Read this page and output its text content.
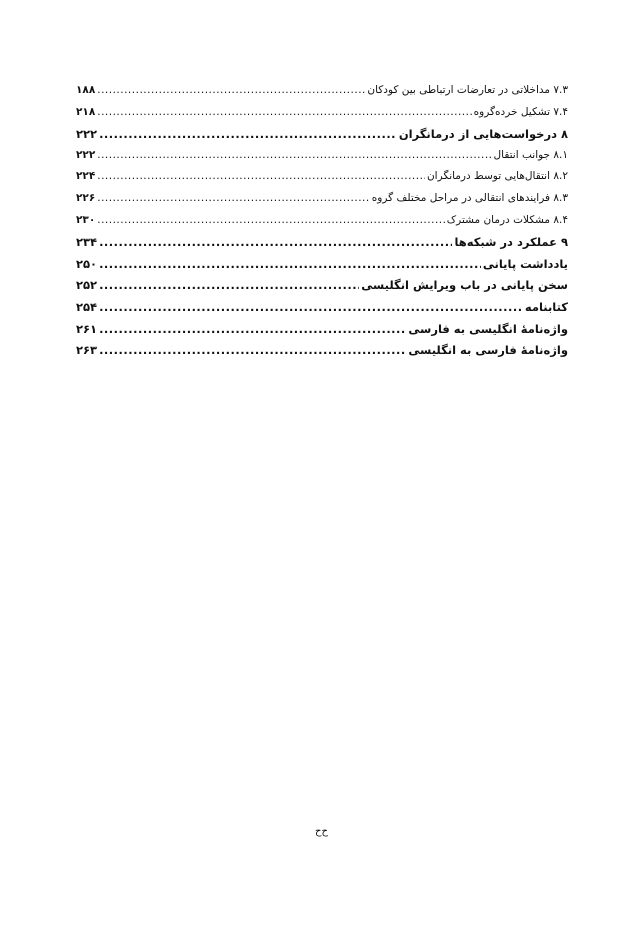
۷.۳ مداخلاتی در تعارضات ارتباطی بین کودکان
.....
۱۸۸
۷.۴ تشکیل خرده‌گروه
.....
۲۱۸
۸ درخواست‌هایی از درمانگران
.....
۲۲۲
۸.۱ جوانب انتقال
.....
۲۲۲
۸.۲ انتقال‌هایی توسط درمانگران
.....
۲۲۴
۸.۳ فرایندهای انتقالی در مراحل مختلف گروه
.....
۲۲۶
۸.۴ مشکلات درمان مشترک
.....
۲۳۰
۹ عملکرد در شبکه‌ها
.....
۲۳۴
یادداشت پایانی
.....
۲۵۰
سخن پایانی در باب ویرایش انگلیسی
.....
۲۵۲
کتابنامه
.....
۲۵۴
واژه‌نامهٔ انگلیسی به فارسی
.....
۲۶۱
واژه‌نامهٔ فارسی به انگلیسی
.....
۲۶۳
ح‌ح
